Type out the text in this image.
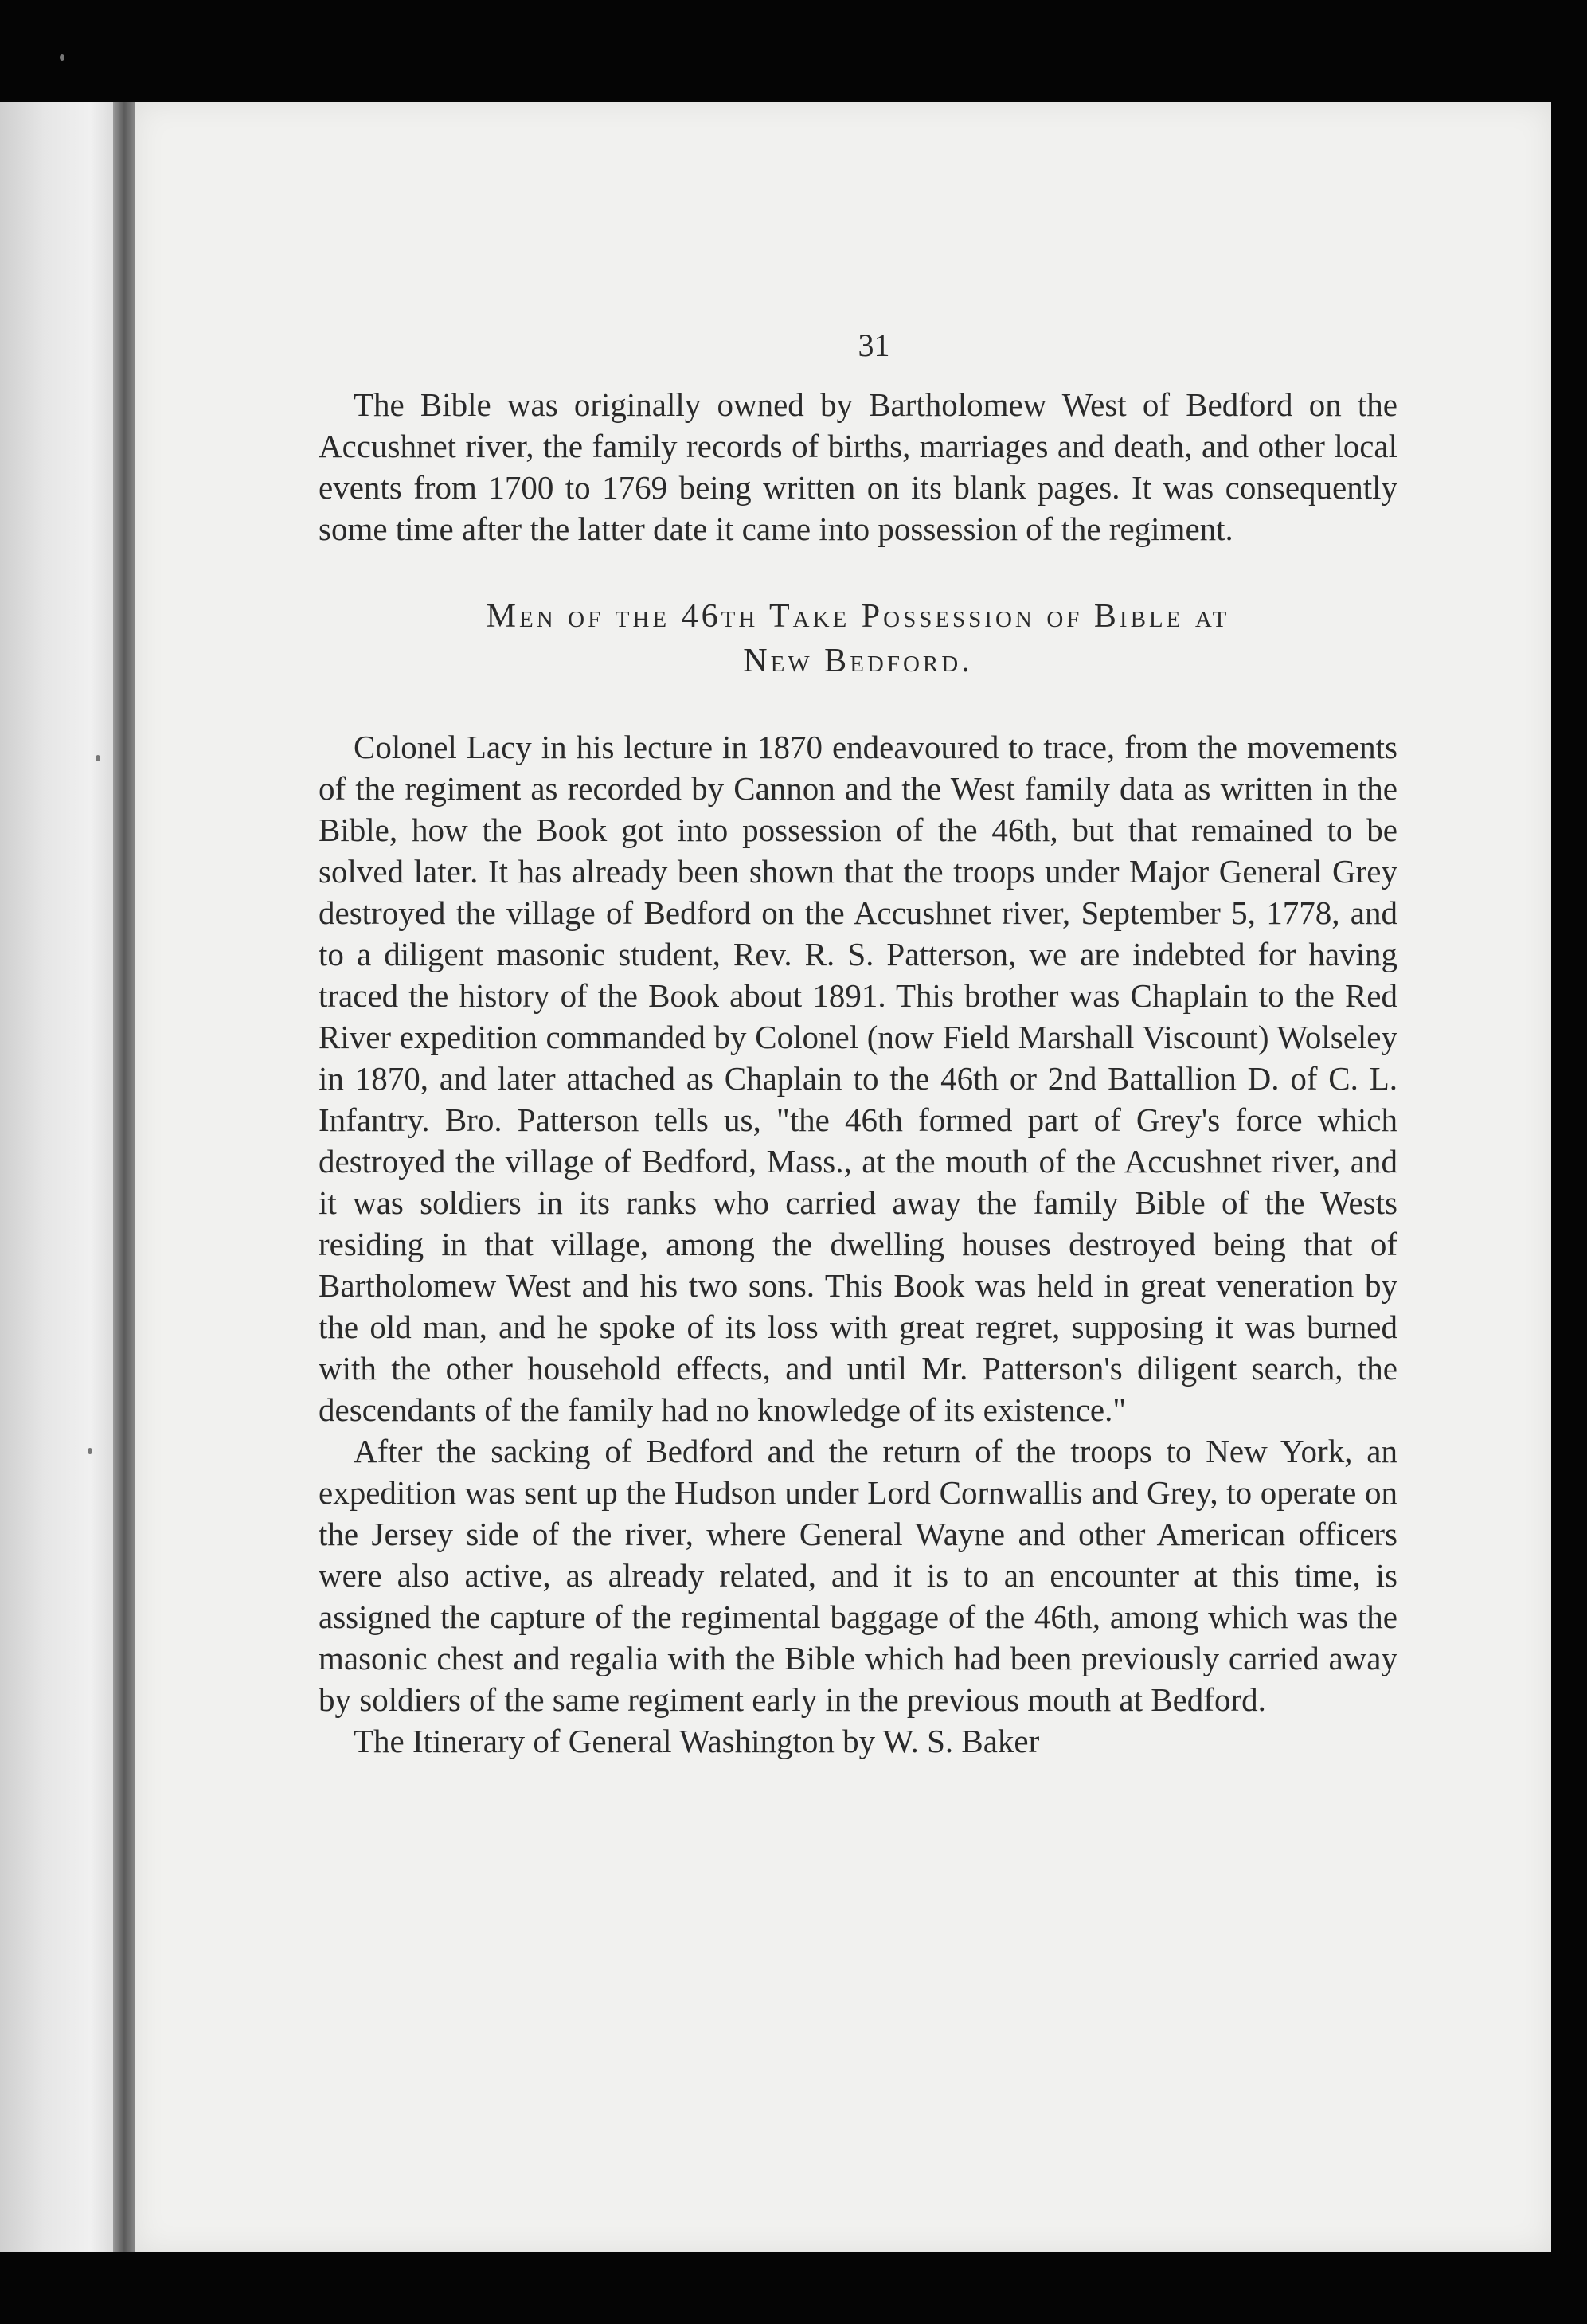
31

The Bible was originally owned by Bartholomew West of Bedford on the Accushnet river, the family records of births, marriages and death, and other local events from 1700 to 1769 being written on its blank pages. It was consequently some time after the latter date it came into possession of the regiment.

Men of the 46th Take Possession of Bible at
New Bedford.

Colonel Lacy in his lecture in 1870 endeavoured to trace, from the movements of the regiment as recorded by Cannon and the West family data as written in the Bible, how the Book got into possession of the 46th, but that remained to be solved later. It has already been shown that the troops under Major General Grey destroyed the village of Bedford on the Accushnet river, September 5, 1778, and to a diligent masonic student, Rev. R. S. Patterson, we are indebted for having traced the history of the Book about 1891. This brother was Chaplain to the Red River expedition commanded by Colonel (now Field Marshall Viscount) Wolseley in 1870, and later attached as Chaplain to the 46th or 2nd Battallion D. of C. L. Infantry. Bro. Patterson tells us, "the 46th formed part of Grey's force which destroyed the village of Bedford, Mass., at the mouth of the Accushnet river, and it was soldiers in its ranks who carried away the family Bible of the Wests residing in that village, among the dwelling houses destroyed being that of Bartholomew West and his two sons. This Book was held in great veneration by the old man, and he spoke of its loss with great regret, supposing it was burned with the other household effects, and until Mr. Patterson's diligent search, the descendants of the family had no knowledge of its existence."

After the sacking of Bedford and the return of the troops to New York, an expedition was sent up the Hudson under Lord Cornwallis and Grey, to operate on the Jersey side of the river, where General Wayne and other American officers were also active, as already related, and it is to an encounter at this time, is assigned the capture of the regimental baggage of the 46th, among which was the masonic chest and regalia with the Bible which had been previously carried away by soldiers of the same regiment early in the previous mouth at Bedford.

The Itinerary of General Washington by W. S. Baker
